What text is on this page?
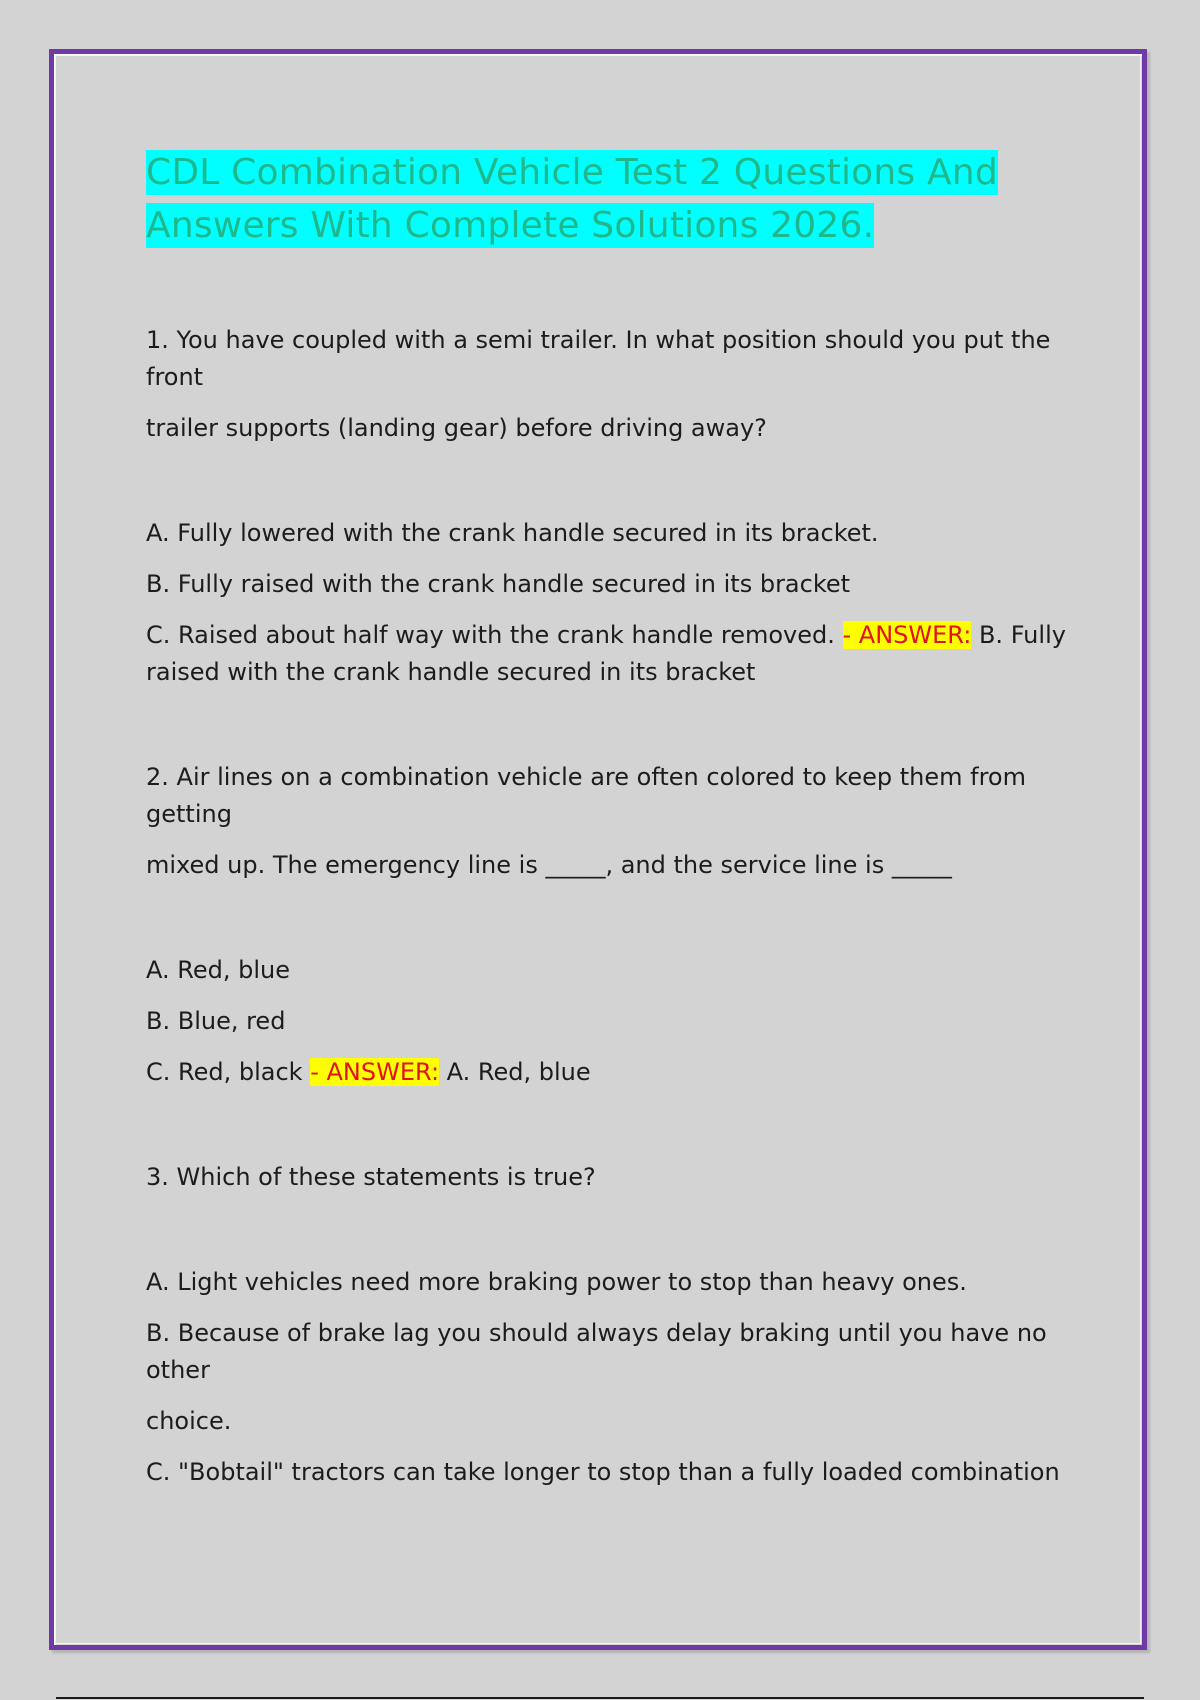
CDL Combination Vehicle Test 2 Questions And Answers With Complete Solutions 2026.

1. You have coupled with a semi trailer. In what position should you put the front

trailer supports (landing gear) before driving away?

A. Fully lowered with the crank handle secured in its bracket.

B. Fully raised with the crank handle secured in its bracket

C. Raised about half way with the crank handle removed. - ANSWER: B. Fully raised with the crank handle secured in its bracket

2. Air lines on a combination vehicle are often colored to keep them from getting

mixed up. The emergency line is _____, and the service line is _____

A. Red, blue

B. Blue, red

C. Red, black - ANSWER: A. Red, blue

3. Which of these statements is true?

A. Light vehicles need more braking power to stop than heavy ones.

B. Because of brake lag you should always delay braking until you have no other

choice.

C. "Bobtail" tractors can take longer to stop than a fully loaded combination
